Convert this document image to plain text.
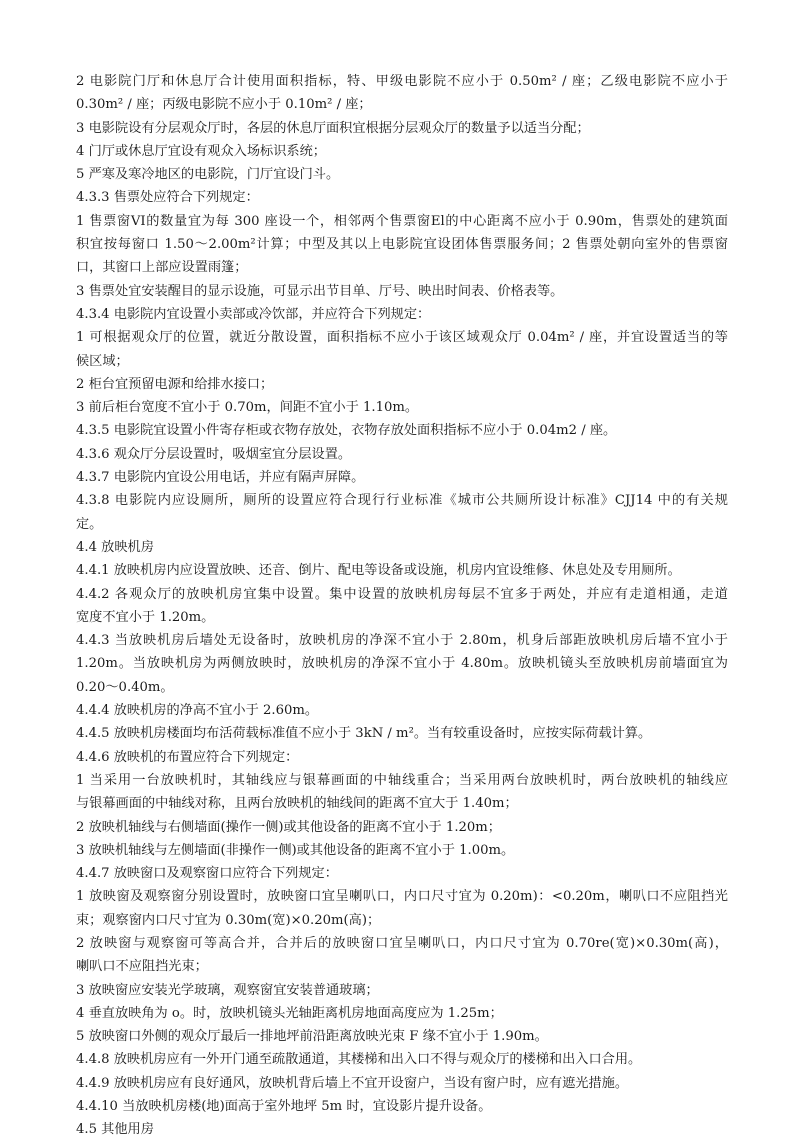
2 电影院门厅和休息厅合计使用面积指标，特、甲级电影院不应小于 0.50m² / 座；乙级电影院不应小于
0.30m² / 座；丙级电影院不应小于 0.10m² / 座；
3 电影院设有分层观众厅时，各层的休息厅面积宜根据分层观众厅的数量予以适当分配；
4 门厅或休息厅宜设有观众入场标识系统；
5 严寒及寒冷地区的电影院，门厅宜设门斗。
4.3.3 售票处应符合下列规定：
1 售票窗VI的数量宜为每 300 座设一个，相邻两个售票窗El的中心距离不应小于 0.90m，售票处的建筑面
积宜按每窗口 1.50～2.00m²计算；中型及其以上电影院宜设团体售票服务间；2 售票处朝向室外的售票窗
口，其窗口上部应设置雨篷；
3 售票处宜安装醒目的显示设施，可显示出节目单、厅号、映出时间表、价格表等。
4.3.4 电影院内宜设置小卖部或冷饮部，并应符合下列规定：
1 可根据观众厅的位置，就近分散设置，面积指标不应小于该区域观众厅 0.04m² / 座，并宜设置适当的等
候区域；
2 柜台宜预留电源和给排水接口；
3 前后柜台宽度不宜小于 0.70m，间距不宜小于 1.10m。
4.3.5 电影院宜设置小件寄存柜或衣物存放处，衣物存放处面积指标不应小于 0.04m2 / 座。
4.3.6 观众厅分层设置时，吸烟室宜分层设置。
4.3.7 电影院内宜设公用电话，并应有隔声屏障。
4.3.8 电影院内应设厕所，厕所的设置应符合现行行业标准《城市公共厕所设计标准》CJJ14 中的有关规
定。
4.4 放映机房
4.4.1 放映机房内应设置放映、还音、倒片、配电等设备或设施，机房内宜设维修、休息处及专用厕所。
4.4.2 各观众厅的放映机房宜集中设置。集中设置的放映机房每层不宜多于两处，并应有走道相通，走道
宽度不宜小于 1.20m。
4.4.3 当放映机房后墙处无设备时，放映机房的净深不宜小于 2.80m，机身后部距放映机房后墙不宜小于
1.20m。当放映机房为两侧放映时，放映机房的净深不宜小于 4.80m。放映机镜头至放映机房前墙面宜为
0.20～0.40m。
4.4.4 放映机房的净高不宜小于 2.60m。
4.4.5 放映机房楼面均布活荷载标准值不应小于 3kN / m²。当有较重设备时，应按实际荷载计算。
4.4.6 放映机的布置应符合下列规定：
1 当采用一台放映机时，其轴线应与银幕画面的中轴线重合；当采用两台放映机时，两台放映机的轴线应
与银幕画面的中轴线对称，且两台放映机的轴线间的距离不宜大于 1.40m；
2 放映机轴线与右侧墙面(操作一侧)或其他设备的距离不宜小于 1.20m；
3 放映机轴线与左侧墙面(非操作一侧)或其他设备的距离不宜小于 1.00m。
4.4.7 放映窗口及观察窗口应符合下列规定：
1 放映窗及观察窗分别设置时，放映窗口宜呈喇叭口，内口尺寸宜为 0.20m)：<0.20m，喇叭口不应阻挡光
束；观察窗内口尺寸宜为 0.30m(宽)×0.20m(高)；
2 放映窗与观察窗可等高合并，合并后的放映窗口宜呈喇叭口，内口尺寸宜为 0.70re(宽)×0.30m(高)，
喇叭口不应阻挡光束；
3 放映窗应安装光学玻璃，观察窗宜安装普通玻璃；
4 垂直放映角为 o。时，放映机镜头光轴距离机房地面高度应为 1.25m；
5 放映窗口外侧的观众厅最后一排地坪前沿距离放映光束 F 缘不宜小于 1.90m。
4.4.8 放映机房应有一外开门通至疏散通道，其楼梯和出入口不得与观众厅的楼梯和出入口合用。
4.4.9 放映机房应有良好通风，放映机背后墙上不宜开设窗户，当设有窗户时，应有遮光措施。
4.4.10 当放映机房楼(地)面高于室外地坪 5m 时，宜设影片提升设备。
4.5 其他用房
